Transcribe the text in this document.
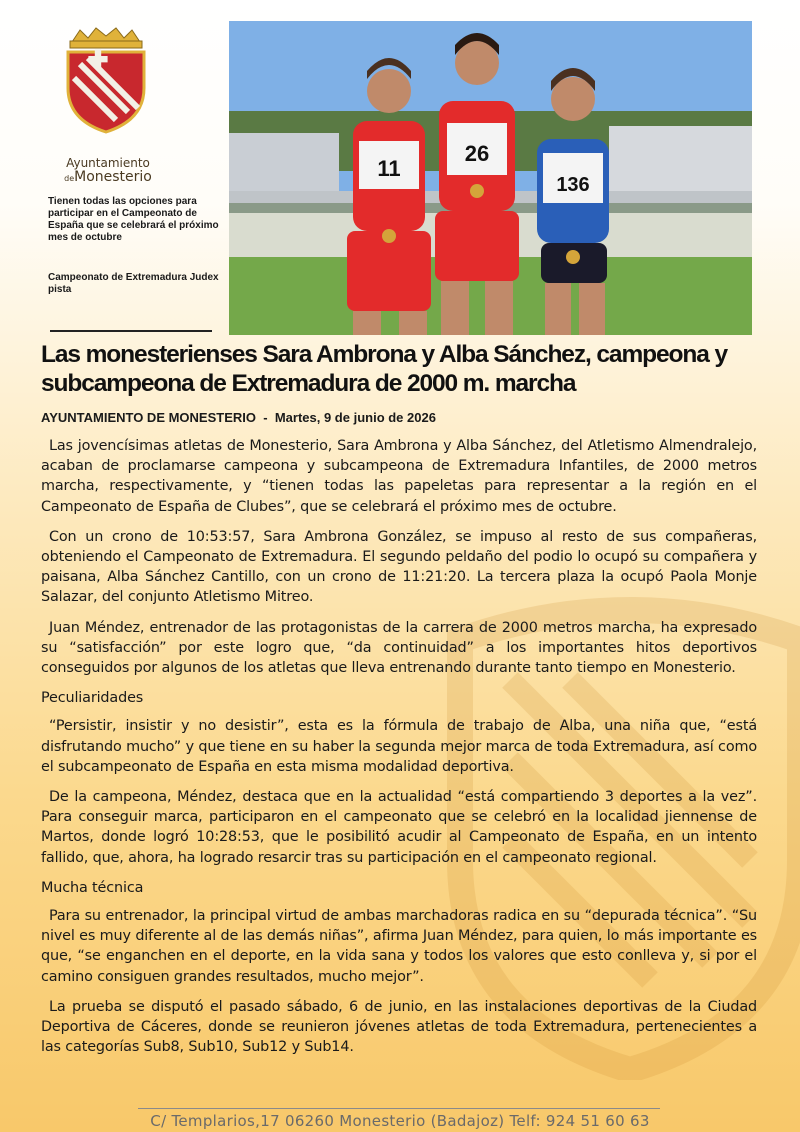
Ayuntamiento
deMonesterio
Tienen todas las opciones para participar en el Campeonato de España que se celebrará el próximo mes de octubre
Campeonato de Extremadura Judex pista
11
26
136
Las monesterienses Sara Ambrona y Alba Sánchez, campeona y subcampeona de Extremadura de 2000 m. marcha
AYUNTAMIENTO DE MONESTERIO  -  Martes, 9 de junio de 2026

Las jovencísimas atletas de Monesterio, Sara Ambrona y Alba Sánchez, del Atletismo Almendralejo, acaban de proclamarse campeona y subcampeona de Extremadura Infantiles, de 2000 metros marcha, respectivamente, y “tienen todas las papeletas para representar a la región en el Campeonato de España de Clubes”, que se celebrará el próximo mes de octubre.

Con un crono de 10:53:57, Sara Ambrona González, se impuso al resto de sus compañeras, obteniendo el Campeonato de Extremadura. El segundo peldaño del podio lo ocupó su compañera y paisana, Alba Sánchez Cantillo, con un crono de 11:21:20. La tercera plaza la ocupó Paola Monje Salazar, del conjunto Atletismo Mitreo.

Juan Méndez, entrenador de las protagonistas de la carrera de 2000 metros marcha, ha expresado su “satisfacción” por este logro que, “da continuidad” a los importantes hitos deportivos conseguidos por algunos de los atletas que lleva entrenando durante tanto tiempo en Monesterio.

Peculiaridades

“Persistir, insistir y no desistir”, esta es la fórmula de trabajo de Alba, una niña que, “está disfrutando mucho” y que tiene en su haber la segunda mejor marca de toda Extremadura, así como el subcampeonato de España en esta misma modalidad deportiva.

De la campeona, Méndez, destaca que en la actualidad “está compartiendo 3 deportes a la vez”. Para conseguir marca, participaron en el campeonato que se celebró en la localidad jiennense de Martos, donde logró 10:28:53, que le posibilitó acudir al Campeonato de España, en un intento fallido, que, ahora, ha logrado resarcir tras su participación en el campeonato regional.

Mucha técnica

Para su entrenador, la principal virtud de ambas marchadoras radica en su “depurada técnica”. “Su nivel es muy diferente al de las demás niñas”, afirma Juan Méndez, para quien, lo más importante es que, “se enganchen en el deporte, en la vida sana y todos los valores que esto conlleva y, si por el camino consiguen grandes resultados, mucho mejor”.

La prueba se disputó el pasado sábado, 6 de junio, en las instalaciones deportivas de la Ciudad Deportiva de Cáceres, donde se reunieron jóvenes atletas de toda Extremadura, pertenecientes a las categorías Sub8, Sub10, Sub12 y Sub14.

C/ Templarios,17 06260 Monesterio (Badajoz) Telf: 924 51 60 63
